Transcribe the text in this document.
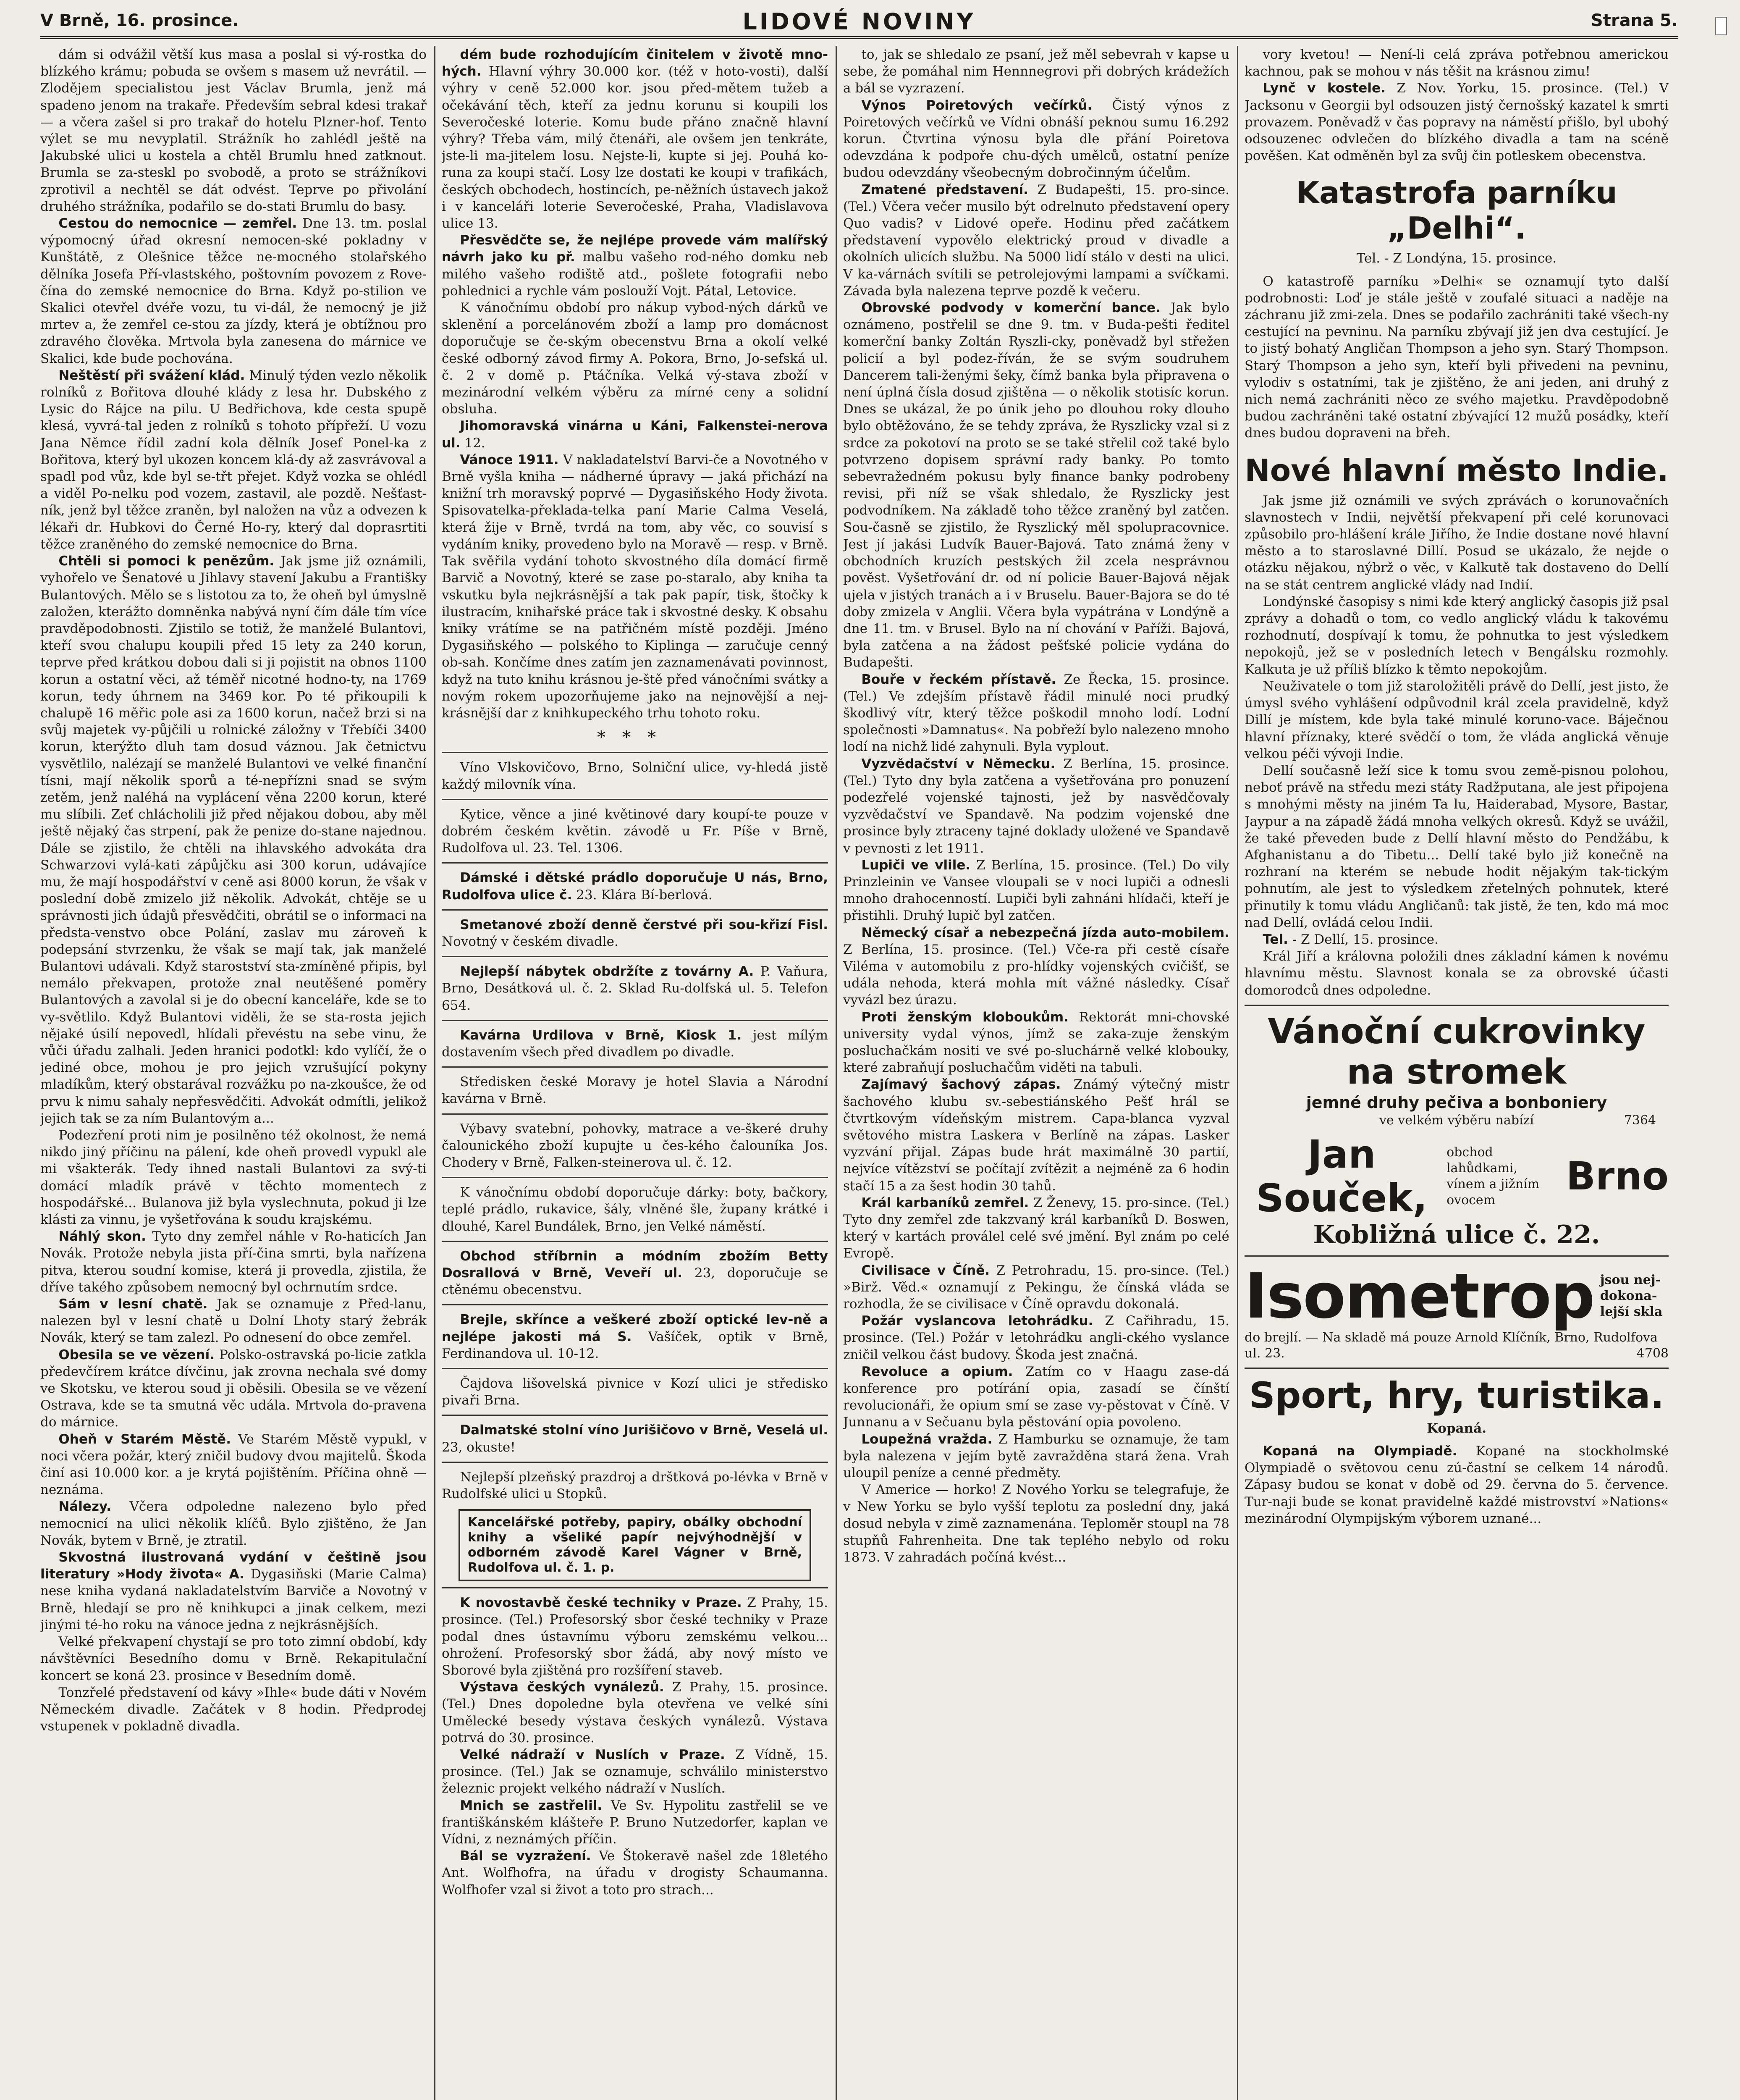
V Brně, 16. prosince.	LIDOVÉ NOVINY	Strana 5.

dám si odvážil větší kus masa a poslal si vý-rostka do blízkého krámu; pobuda se ovšem s masem už nevrátil. — Zlodějem specialistou jest Václav Brumla, jenž má spadeno jenom na trakaře. Především sebral kdesi trakař — a včera zašel si pro trakař do hotelu Plzner-hof. Tento výlet se mu nevyplatil. Strážník ho zahlédl ještě na Jakubské ulici u kostela a chtěl Brumlu hned zatknout. Brumla se za-steskl po svobodě, a proto se strážníkovi zprotivil a nechtěl se dát odvést. Teprve po přivolání druhého strážníka, podařilo se do-stati Brumlu do basy.

Cestou do nemocnice — zemřel. Dne 13. tm. poslal výpomocný úřad okresní nemocen-ské pokladny v Kunštátě, z Olešnice těžce ne-mocného stolařského dělníka Josefa Pří-vlastského, poštovním povozem z Rove-čína do zemské nemocnice do Brna. Když po-stilion ve Skalici otevřel dvéře vozu, tu vi-dál, že nemocný je již mrtev a, že zemřel ce-stou za jízdy, která je obtížnou pro zdravého člověka. Mrtvola byla zanesena do márnice ve Skalici, kde bude pochována.

Neštěstí při svážení klád. Minulý týden vezlo několik rolníků z Bořitova dlouhé klády z lesa hr. Dubského z Lysic do Rájce na pilu. U Bedřichova, kde cesta spupě klesá, vyvrá-tal jeden z rolníků s tohoto přípřeží. U vozu Jana Němce řídil zadní kola dělník Josef Ponel-ka z Bořitova, který byl ukozen koncem klá-dy až zasvrávoval a spadl pod vůz, kde byl se-třt přejet. Když vozka se ohlédl a viděl Po-nelku pod vozem, zastavil, ale pozdě. Nešťast-ník, jenž byl těžce zraněn, byl naložen na vůz a odvezen k lékaři dr. Hubkovi do Černé Ho-ry, který dal doprasrtiti těžce zraněného do zemské nemocnice do Brna.

Chtěli si pomoci k penězům. Jak jsme již oznámili, vyhořelo ve Šenatové u Jihlavy stavení Jakubu a Františky Bulantových. Mělo se s listotou za to, že oheň byl úmyslně založen, kterážto domněnka nabývá nyní čím dále tím více pravděpodobnosti. Zjistilo se totiž, že manželé Bulantovi, kteří svou chalupu koupili před 15 lety za 240 korun, teprve před krátkou dobou dali si ji pojistit na obnos 1100 korun a ostatní věci, až téměř nicotné hodno-ty, na 1769 korun, tedy úhrnem na 3469 kor. Po té přikoupili k chalupě 16 měřic pole asi za 1600 korun, načež brzi si na svůj majetek vy-půjčili u rolnické záložny v Třebíči 3400 korun, kterýžto dluh tam dosud váznou. Jak četnictvu vysvětlilo, nalézají se manželé Bulantovi ve velké finanční tísni, mají několik sporů a té-nepřízni snad se svým zetěm, jenž naléhá na vyplácení věna 2200 korun, které mu slíbili. Zeť chlácholili již před nějakou dobou, aby měl ještě nějaký čas strpení, pak že penize do-stane najednou. Dále se zjistilo, že chtěli na ihlavského advokáta dra Schwarzovi vylá-kati zápůjčku asi 300 korun, udávajíce mu, že mají hospodářství v ceně asi 8000 korun, že však v poslední době zmizelo již několik. Advokát, chtěje se u správnosti jich údajů přesvědčiti, obrátil se o informaci na předsta-venstvo obce Polání, zaslav mu zároveň k podepsání stvrzenku, že však se mají tak, jak manželé Bulantovi udávali. Když starostství sta-zmíněné připis, byl nemálo překvapen, protože znal neutěšené poměry Bulantových a zavolal si je do obecní kanceláře, kde se to vy-světlilo. Když Bulantovi viděli, že se sta-rosta jejich nějaké úsilí nepovedl, hlídali převéstu na sebe vinu, že vůči úřadu zalhali. Jeden hranici podotkl: kdo vylíčí, že o jediné obce, mohou je pro jejich vzrušující pokyny mladíkům, který obstarával rozvážku po na-zkoušce, že od prvu k nimu sahaly nepřesvědčiti. Advokát odmítli, jelikož jejich tak se za ním Bulantovým a...

Podezření proti nim je posilněno též okolnost, že nemá nikdo jiný příčinu na pálení, kde oheň provedl vypukl ale mi všakterák. Tedy ihned nastali Bulantovi za svý-ti domácí mladík právě v těchto momentech z hospodářské... Bulanova již byla vyslechnuta, pokud ji lze klásti za vinnu, je vyšetřována k soudu krajskému.

Náhlý skon. Tyto dny zemřel náhle v Ro-haticích Jan Novák. Protože nebyla jista pří-čina smrti, byla nařízena pitva, kterou soudní komise, která ji provedla, zjistila, že dříve takého způsobem nemocný byl ochrnutím srdce.

Sám v lesní chatě. Jak se oznamuje z Před-lanu, nalezen byl v lesní chatě u Dolní Lhoty starý žebrák Novák, který se tam zalezl. Po odnesení do obce zemřel.

Obesila se ve vězení. Polsko-ostravská po-licie zatkla předevčírem krátce dívčinu, jak zrovna nechala své domy ve Skotsku, ve kterou soud ji oběsili. Obesila se ve vězení Ostrava, kde se ta smutná věc udála. Mrtvola do-pravena do márnice.

Oheň v Starém Městě. Ve Starém Městě vypukl, v noci včera požár, který zničil budovy dvou majitelů. Škoda činí asi 10.000 kor. a je krytá pojištěním. Příčina ohně — neznáma.

Nálezy. Včera odpoledne nalezeno bylo před nemocnicí na ulici několik klíčů. Bylo zjištěno, že Jan Novák, bytem v Brně, je ztratil.

Skvostná ilustrovaná vydání v češtině jsou literatury »Hody života« A. Dygasiňski (Marie Calma) nese kniha vydaná nakladatelstvím Barviče a Novotný v Brně, hledají se pro ně knihkupci a jinak celkem, mezi jinými té-ho roku na vánoce jedna z nejkrásnějších.

Velké překvapení chystají se pro toto zimní období, kdy návštěvníci Besedního domu v Brně. Rekapitulační koncert se koná 23. prosince v Besedním domě.

Tonzřelé představení od kávy »Ihle« bude dáti v Novém Německém divadle. Začátek v 8 hodin. Předprodej vstupenek v pokladně divadla.

dém bude rozhodujícím činitelem v životě mno-hých. Hlavní výhry 30.000 kor. (též v hoto-vosti), další výhry v ceně 52.000 kor. jsou před-mětem tužeb a očekávání těch, kteří za jednu korunu si koupili los Severočeské loterie. Komu bude přáno značně hlavní výhry? Třeba vám, milý čtenáři, ale ovšem jen tenkráte, jste-li ma-jitelem losu. Nejste-li, kupte si jej. Pouhá ko-runa za koupi stačí. Losy lze dostati ke koupi v trafikách, českých obchodech, hostincích, pe-něžních ústavech jakož i v kanceláři loterie Severočeské, Praha, Vladislavova ulice 13.

Přesvědčte se, že nejlépe provede vám malířský návrh jako ku př. malbu vašeho rod-ného domku neb milého vašeho rodiště atd., pošlete fotografii nebo pohlednici a rychle vám poslouží Vojt. Pátal, Letovice.

K vánočnímu období pro nákup vybod-ných dárků ve sklenění a porcelánovém zboží a lamp pro domácnost doporučuje se če-ským obecenstvu Brna a okolí velké české odborný závod firmy A. Pokora, Brno, Jo-sefská ul. č. 2 v domě p. Ptáčníka. Velká vý-stava zboží v mezinárodní velkém výběru za mírné ceny a solidní obsluha.

Jihomoravská vinárna u Káni, Falkenstei-nerova ul. 12.

Vánoce 1911. V nakladatelství Barvi-če a Novotného v Brně vyšla kniha — nádherné úpravy — jaká přichází na knižní trh moravský poprvé — Dygasiňského Hody života. Spisovatelka-překlada-telka paní Marie Calma Veselá, která žije v Brně, tvrdá na tom, aby věc, co souvisí s vydáním kniky, provedeno bylo na Moravě — resp. v Brně. Tak svěřila vydání tohoto skvostného díla domácí firmě Barvič a Novotný, které se zase po-staralo, aby kniha ta vskutku byla nejkrásnější a tak pak papír, tisk, štočky k ilustracím, knihařské práce tak i skvostné desky. K obsahu kniky vrátíme se na patřičném místě později. Jméno Dygasiňského — polského to Kiplinga — zaručuje cenný ob-sah. Končíme dnes zatím jen zaznamenávati povinnost, když na tuto knihu krásnou je-ště před vánočními svátky a novým rokem upozorňujeme jako na nejnovější a nej-krásnější dar z knihkupeckého trhu tohoto roku.

***

Víno Vlskovičovo, Brno, Solniční ulice, vy-hledá jistě každý milovník vína.

Kytice, věnce a jiné květinové dary koupí-te pouze v dobrém českém květin. závodě u Fr. Píše v Brně, Rudolfova ul. 23. Tel. 1306.

Dámské i dětské prádlo doporučuje U nás, Brno, Rudolfova ulice č. 23. Klára Bí-berlová.

Smetanové zboží denně čerstvé při sou-křizí Fisl. Novotný v českém divadle.

Nejlepší nábytek obdržíte z továrny A. P. Vaňura, Brno, Desátková ul. č. 2. Sklad Ru-dolfská ul. 5. Telefon 654.

Kavárna Urdilova v Brně, Kiosk 1. jest mílým dostavením všech před divadlem po divadle.

Středisken české Moravy je hotel Slavia a Národní kavárna v Brně.

Výbavy svatební, pohovky, matrace a ve-škeré druhy čalounického zboží kupujte u čes-kého čalouníka Jos. Chodery v Brně, Falken-steinerova ul. č. 12.

K vánočnímu období doporučuje dárky: boty, bačkory, teplé prádlo, rukavice, šály, vlněné šle, župany krátké i dlouhé, Karel Bundálek, Brno, jen Velké náměstí.

Obchod stříbrnin a módním zbožím Betty Dosrallová v Brně, Veveří ul. 23, doporučuje se ctěnému obecenstvu.

Brejle, skřínce a veškeré zboží optické lev-ně a nejlépe jakosti má S. Vašíček, optik v Brně, Ferdinandova ul. 10-12.

Čajdova lišovelská pivnice v Kozí ulici je středisko pivaři Brna.

Dalmatské stolní víno Jurišičovo v Brně, Veselá ul. 23, okuste!

Nejlepší plzeňský prazdroj a drštková po-lévka v Brně v Rudolfské ulici u Stopků.

Kancelářské potřeby, papiry, obálky obchodní knihy a všeliké papír nejvýhodnější v odborném závodě Karel Vágner v Brně, Rudolfova ul. č. 1. p.

K novostavbě české techniky v Praze. Z Prahy, 15. prosince. (Tel.) Profesorský sbor české techniky v Praze podal dnes ústavnímu výboru zemskému velkou... ohrožení. Profesorský sbor žádá, aby nový místo ve Sborové byla zjištěná pro rozšíření staveb.

Výstava českých vynálezů. Z Prahy, 15. prosince. (Tel.) Dnes dopoledne byla otevřena ve velké síni Umělecké besedy výstava českých vynálezů. Výstava potrvá do 30. prosince.

Velké nádraží v Nuslích v Praze. Z Vídně, 15. prosince. (Tel.) Jak se oznamuje, schválilo ministerstvo železnic projekt velkého nádraží v Nuslích.

Mnich se zastřelil. Ve Sv. Hypolitu zastřelil se ve františkánském klášteře P. Bruno Nutzedorfer, kaplan ve Vídni, z neznámých příčin.

Bál se vyzražení. Ve Štokeravě našel zde 18letého Ant. Wolfhofra, na úřadu v drogisty Schaumanna. Wolfhofer vzal si život a toto pro strach...

to, jak se shledalo ze psaní, jež měl sebevrah v kapse u sebe, že pomáhal nim Hennnegrovi při dobrých krádežích a bál se vyzrazení.

Výnos Poiretových večírků. Čistý výnos z Poiretových večírků ve Vídni obnáší peknou sumu 16.292 korun. Čtvrtina výnosu byla dle přání Poiretova odevzdána k podpoře chu-dých umělců, ostatní peníze budou odevzdány všeobecným dobročinným účelům.

Zmatené představení. Z Budapešti, 15. pro-since. (Tel.) Včera večer musilo být odrelnuto představení opery Quo vadis? v Lidové opeře. Hodinu před začátkem představení vypovělo elektrický proud v divadle a okolních ulicích službu. Na 5000 lidí stálo v desti na ulici. V ka-várnách svítili se petrolejovými lampami a svíčkami. Závada byla nalezena teprve pozdě k večeru.

Obrovské podvody v komerční bance. Jak bylo oznámeno, postřelil se dne 9. tm. v Buda-pešti ředitel komerční banky Zoltán Ryszli-cky, poněvadž byl střežen policií a byl podez-říván, že se svým soudruhem Dancerem tali-ženými šeky, čímž banka byla připravena o není úplná čísla dosud zjištěna — o několik stotisíc korun. Dnes se ukázal, že po únik jeho po dlouhou roky dlouho bylo obtěžováno, že se tehdy zpráva, že Ryszlicky vzal si z srdce za pokotoví na proto se se také střelil což také bylo potvrzeno dopisem správní rady banky. Po tomto sebevražedném pokusu byly finance banky podrobeny revisi, při níž se však shledalo, že Ryszlicky jest podvodníkem. Na základě toho těžce zraněný byl zatčen. Sou-časně se zjistilo, že Ryszlický měl spolupracovnice. Jest jí jakási Ludvík Bauer-Bajová. Tato známá ženy v obchodních kruzích pestských žil zcela nesprávnou pověst. Vyšetřování dr. od ní policie Bauer-Bajová nějak ujela v jistých tranách a i v Bruselu. Bauer-Bajora se do té doby zmizela v Anglii. Včera byla vypátrána v Londýně a dne 11. tm. v Brusel. Bylo na ní chování v Paříži. Bajová, byla zatčena a na žádost pešťské policie vydána do Budapešti.

Bouře v řeckém přístavě. Ze Řecka, 15. prosince. (Tel.) Ve zdejším přístavě řádil minulé noci prudký škodlivý vítr, který těžce poškodil mnoho lodí. Lodní společnosti »Damnatus«. Na pobřeží bylo nalezeno mnoho lodí na nichž lidé zahynuli. Byla vyplout.

Vyzvědačství v Německu. Z Berlína, 15. prosince. (Tel.) Tyto dny byla zatčena a vyšetřována pro ponuzení podezřelé vojenské tajnosti, jež by nasvědčovaly vyzvědačství ve Spandavě. Na podzim vojenské dne prosince byly ztraceny tajné doklady uložené ve Spandavě v pevnosti z let 1911.

Lupiči ve vlile. Z Berlína, 15. prosince. (Tel.) Do vily Prinzleinin ve Vansee vloupali se v noci lupiči a odnesli mnoho drahocenností. Lupiči byli zahnáni hlídači, kteří je přistihli. Druhý lupič byl zatčen.

Německý císař a nebezpečná jízda auto-mobilem. Z Berlína, 15. prosince. (Tel.) Vče-ra při cestě císaře Viléma v automobilu z pro-hlídky vojenských cvičišť, se udála nehoda, která mohla mít vážné následky. Císař vyvázl bez úrazu.

Proti ženským kloboukům. Rektorát mni-chovské university vydal výnos, jímž se zaka-zuje ženským posluchačkám nositi ve své po-sluchárně velké klobouky, které zabraňují posluchačům viděti na tabuli.

Zajímavý šachový zápas. Známý výtečný mistr šachového klubu sv.-sebestiánského Pešť hrál se čtvrtkovým vídeňským mistrem. Capa-blanca vyzval světového mistra Laskera v Berlíně na zápas. Lasker vyzvání přijal. Zápas bude hrát maximálně 30 partií, nejvíce vítězství se počítají zvítězit a nejméně za 6 hodin stačí 15 a za šest hodin 30 tahů.

Král karbaníků zemřel. Z Ženevy, 15. pro-since. (Tel.) Tyto dny zemřel zde takzvaný král karbaníků D. Boswen, který v kartách proválel celé své jmění. Byl znám po celé Evropě.

Civilisace v Číně. Z Petrohradu, 15. pro-since. (Tel.) »Birž. Věd.« oznamují z Pekingu, že čínská vláda se rozhodla, že se civilisace v Číně opravdu dokonalá.

Požár vyslancova letohrádku. Z Cařihradu, 15. prosince. (Tel.) Požár v letohrádku angli-ckého vyslance zničil velkou část budovy. Škoda jest značná.

Revoluce a opium. Zatím co v Haagu zase-dá konference pro potírání opia, zasadí se čínští revolucionáři, že opium smí se zase vy-pěstovat v Číně. V Junnanu a v Sečuanu byla pěstování opia povoleno.

Loupežná vražda. Z Hamburku se oznamuje, že tam byla nalezena v jejím bytě zavražděna stará žena. Vrah uloupil peníze a cenné předměty.

V Americe — horko! Z Nového Yorku se telegrafuje, že v New Yorku se bylo vyšší teplotu za poslední dny, jaká dosud nebyla v zimě zaznamenána. Teploměr stoupl na 78 stupňů Fahrenheita. Dne tak teplého nebylo od roku 1873. V zahradách počíná kvést...

vory kvetou! — Není-li celá zpráva potřebnou americkou kachnou, pak se mohou v nás těšit na krásnou zimu!

Lynč v kostele. Z Nov. Yorku, 15. prosince. (Tel.) V Jacksonu v Georgii byl odsouzen jistý černošský kazatel k smrti provazem. Poněvadž v čas popravy na náměstí přišlo, byl ubohý odsouzenec odvlečen do blízkého divadla a tam na scéně pověšen. Kat odměněn byl za svůj čin potleskem obecenstva.

Katastrofa parníku „Delhi“.
Tel. - Z Londýna, 15. prosince.

O katastrofě parníku »Delhi« se oznamují tyto další podrobnosti: Loď je stále ještě v zoufalé situaci a naděje na záchranu již zmi-zela. Dnes se podařilo zachrániti také všech-ny cestující na pevninu. Na parníku zbývají již jen dva cestující. Je to jistý bohatý Angličan Thompson a jeho syn. Starý Thompson. Starý Thompson a jeho syn, kteří byli přivedeni na pevninu, vylodiv s ostatními, tak je zjištěno, že ani jeden, ani druhý z nich nemá zachrániti něco ze svého majetku. Pravděpodobně budou zachráněni také ostatní zbývající 12 mužů posádky, kteří dnes budou dopraveni na břeh.

Nové hlavní město Indie.

Jak jsme již oznámili ve svých zprávách o korunovačních slavnostech v Indii, největší překvapení při celé korunovaci způsobilo pro-hlášení krále Jiřího, že Indie dostane nové hlavní město a to staroslavné Dillí. Posud se ukázalo, že nejde o otázku nějakou, nýbrž o věc, v Kalkutě tak dostaveno do Dellí na se stát centrem anglické vlády nad Indií.

Londýnské časopisy s nimi kde který anglický časopis již psal zprávy a dohadů o tom, co vedlo anglický vládu k takovému rozhodnutí, dospívají k tomu, že pohnutka to jest výsledkem nepokojů, jež se v posledních letech v Bengálsku rozmohly. Kalkuta je už příliš blízko k těmto nepokojům.

Neuživatele o tom již staroložitěli právě do Dellí, jest jisto, že úmysl svého vyhlášení odpůvodnil král zcela pravidelně, když Dillí je místem, kde byla také minulé koruno-vace. Báječnou hlavní příznaky, které svědčí o tom, že vláda anglická věnuje velkou péči vývoji Indie.

Dellí současně leží sice k tomu svou země-pisnou polohou, neboť právě na středu mezi státy Radžputana, ale jest připojena s mnohými městy na jiném Ta lu, Haiderabad, Mysore, Bastar, Jaypur a na západě žádá mnoha velkých okresů. Když se uvážil, že také převeden bude z Dellí hlavní město do Pendžábu, k Afghanistanu a do Tibetu... Dellí také bylo již konečně na rozhraní na kterém se nebude hodit nějakým tak-tickým pohnutím, ale jest to výsledkem zřetelných pohnutek, které přinutily k tomu vládu Angličanů: tak jistě, že ten, kdo má moc nad Dellí, ovládá celou Indii.

Tel. - Z Dellí, 15. prosince.

Král Jiří a královna položili dnes základní kámen k novému hlavnímu městu. Slavnost konala se za obrovské účasti domorodců dnes odpoledne.

Vánoční cukrovinky na stromek
jemné druhy pečiva a bonboniery
ve velkém výběru nabízí	7364
Jan Souček,
obchod lahůdkami,
vínem a jižním ovocem
Brno
Kobližná ulice č. 22.
Isometrop jsou nej-dokona-lejší skla
do brejlí. — Na skladě má pouze Arnold Klíčník, Brno, Rudolfova ul. 23.	4708
Sport, hry, turistika.
Kopaná.

Kopaná na Olympiadě. Kopané na stockholmské Olympiadě o světovou cenu zú-častní se celkem 14 národů. Zápasy budou se konat v době od 29. června do 5. července. Tur-naji bude se konat pravidelně každé mistrovství »Nations« mezinárodní Olympijským výborem uznané...
